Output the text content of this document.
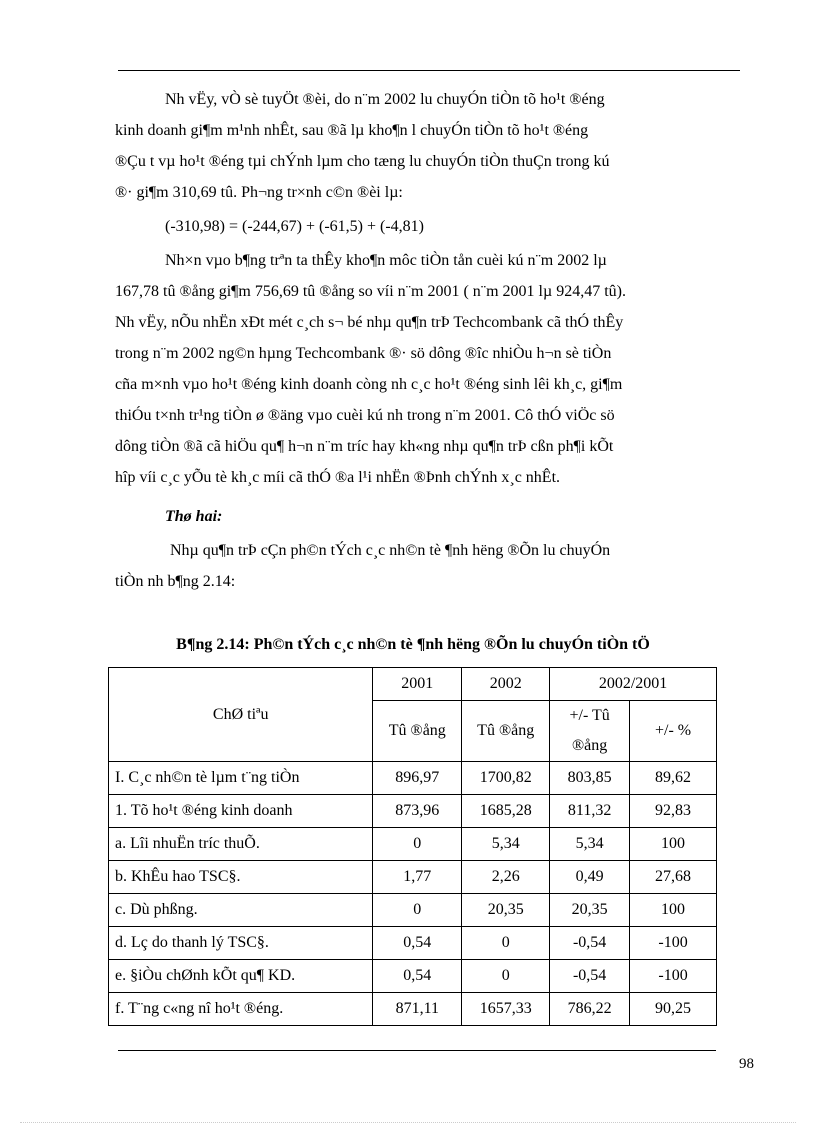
Nh vËy, vÒ sè tuyÖt ®èi, do n¨m 2002 lu chuyÓn tiÒn tõ ho¹t ®éng
kinh doanh gi¶m m¹nh nhÊt, sau ®ã lµ kho¶n l chuyÓn tiÒn tõ ho¹t ®éng
®Çu t vµ ho¹t ®éng tµi chÝnh lµm cho tæng lu chuyÓn tiÒn thuÇn trong kú
®· gi¶m 310,69 tû. Ph¬ng tr×nh c©n ®èi lµ:

(-310,98) = (-244,67) + (-61,5) + (-4,81)

Nh×n vµo b¶ng trªn ta thÊy kho¶n môc tiÒn tån cuèi kú n¨m 2002 lµ
167,78 tû ®ång gi¶m 756,69 tû ®ång so víi n¨m 2001 ( n¨m 2001 lµ 924,47 tû).
Nh vËy, nÕu nhËn xÐt mét c¸ch s¬ bé nhµ qu¶n trÞ Techcombank cã thÓ thÊy
trong n¨m 2002 ng©n hµng Techcombank ®· sö dông ®îc nhiÒu h¬n sè tiÒn
cña m×nh vµo ho¹t ®éng kinh doanh còng nh c¸c ho¹t ®éng sinh lêi kh¸c, gi¶m
thiÓu t×nh tr¹ng tiÒn ø ®äng vµo cuèi kú nh trong n¨m 2001. Cô thÓ viÖc sö
dông tiÒn ®ã cã hiÖu qu¶ h¬n n¨m tríc hay kh«ng nhµ qu¶n trÞ cßn ph¶i kÕt
hîp víi c¸c yÕu tè kh¸c míi cã thÓ ®a l¹i nhËn ®Þnh chÝnh x¸c nhÊt.

Thø hai:

Nhµ qu¶n trÞ cÇn ph©n tÝch c¸c nh©n tè ¶nh hëng ®Õn lu chuyÓn
tiÒn nh b¶ng 2.14:

B¶ng 2.14: Ph©n tÝch c¸c nh©n tè ¶nh hëng ®Õn lu chuyÓn tiÒn tÖ
ChØ tiªu	2001	2002	2002/2001	
	Tû ®ång	Tû ®ång	+/- Tû ®ång	+/- %
I. C¸c nh©n tè lµm t¨ng tiÒn	896,97	1700,82	803,85	89,62
1. Tõ ho¹t ®éng kinh doanh	873,96	1685,28	811,32	92,83
a. Lîi nhuËn tríc thuÕ.	0	5,34	5,34	100
b. KhÊu hao TSC§.	1,77	2,26	0,49	27,68
c. Dù phßng.	0	20,35	20,35	100
d. Lç do thanh lý TSC§.	0,54	0	-0,54	-100
e. §iÒu chØnh kÕt qu¶ KD.	0,54	0	-0,54	-100
f. T¨ng c«ng nî ho¹t ®éng.	871,11	1657,33	786,22	90,25
98
